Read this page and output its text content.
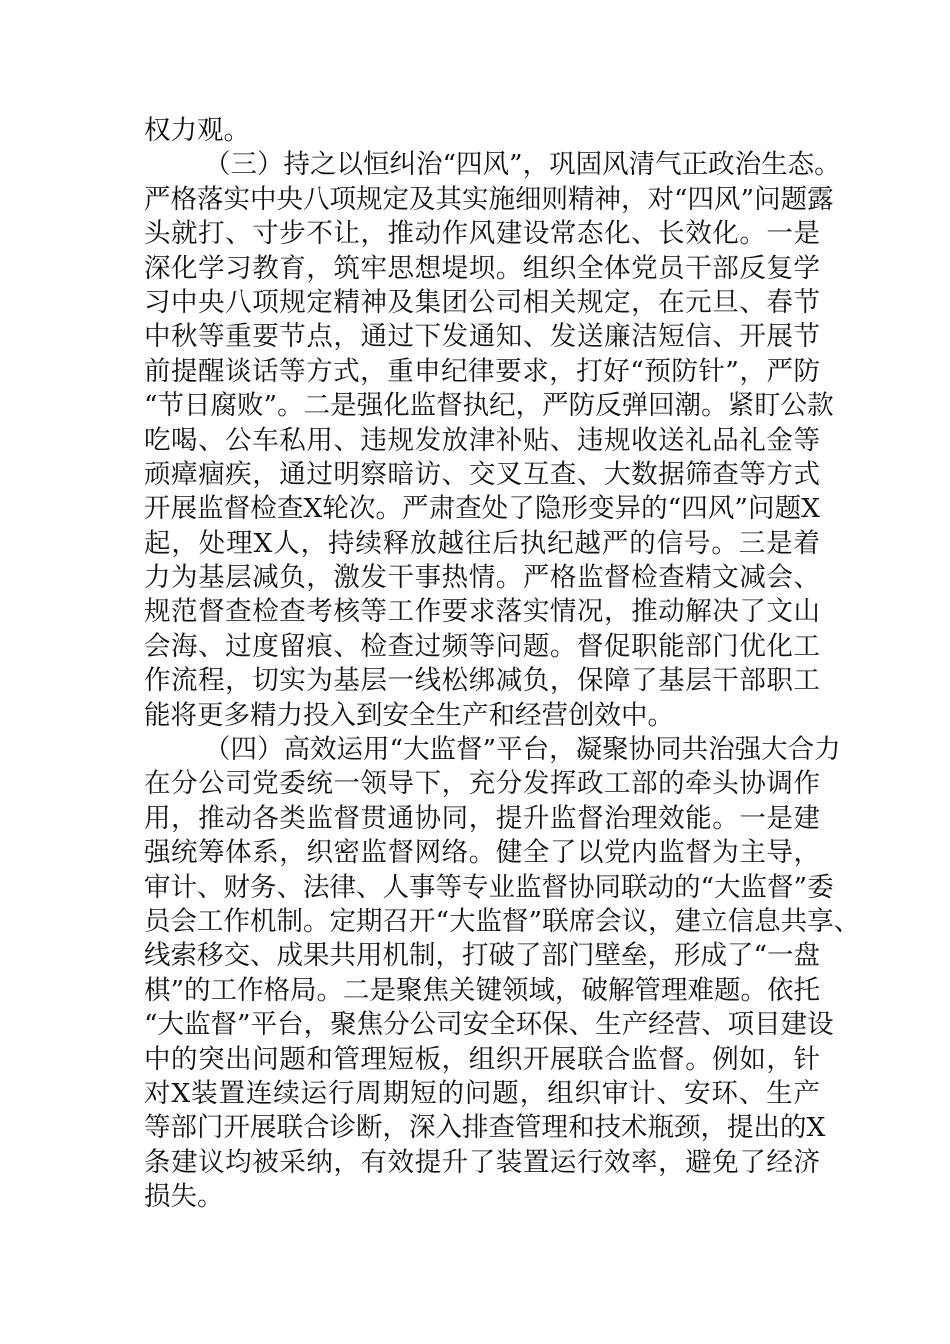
权力观。
（三）持之以恒纠治“四风”，巩固风清气正政治生态。
严格落实中央八项规定及其实施细则精神，对“四风”问题露
头就打、寸步不让，推动作风建设常态化、长效化。一是
深化学习教育，筑牢思想堤坝。组织全体党员干部反复学
习中央八项规定精神及集团公司相关规定，在元旦、春节
中秋等重要节点，通过下发通知、发送廉洁短信、开展节
前提醒谈话等方式，重申纪律要求，打好“预防针”，严防
“节日腐败”。二是强化监督执纪，严防反弹回潮。紧盯公款
吃喝、公车私用、违规发放津补贴、违规收送礼品礼金等
顽瘴痼疾，通过明察暗访、交叉互查、大数据筛查等方式
开展监督检查X轮次。严肃查处了隐形变异的“四风”问题X
起，处理X人，持续释放越往后执纪越严的信号。三是着
力为基层减负，激发干事热情。严格监督检查精文减会、
规范督查检查考核等工作要求落实情况，推动解决了文山
会海、过度留痕、检查过频等问题。督促职能部门优化工
作流程，切实为基层一线松绑减负，保障了基层干部职工
能将更多精力投入到安全生产和经营创效中。
（四）高效运用“大监督”平台，凝聚协同共治强大合力
在分公司党委统一领导下，充分发挥政工部的牵头协调作
用，推动各类监督贯通协同，提升监督治理效能。一是建
强统筹体系，织密监督网络。健全了以党内监督为主导，
审计、财务、法律、人事等专业监督协同联动的“大监督”委
员会工作机制。定期召开“大监督”联席会议，建立信息共享、
线索移交、成果共用机制，打破了部门壁垒，形成了“一盘
棋”的工作格局。二是聚焦关键领域，破解管理难题。依托
“大监督”平台，聚焦分公司安全环保、生产经营、项目建设
中的突出问题和管理短板，组织开展联合监督。例如，针
对X装置连续运行周期短的问题，组织审计、安环、生产
等部门开展联合诊断，深入排查管理和技术瓶颈，提出的X
条建议均被采纳，有效提升了装置运行效率，避免了经济
损失。
